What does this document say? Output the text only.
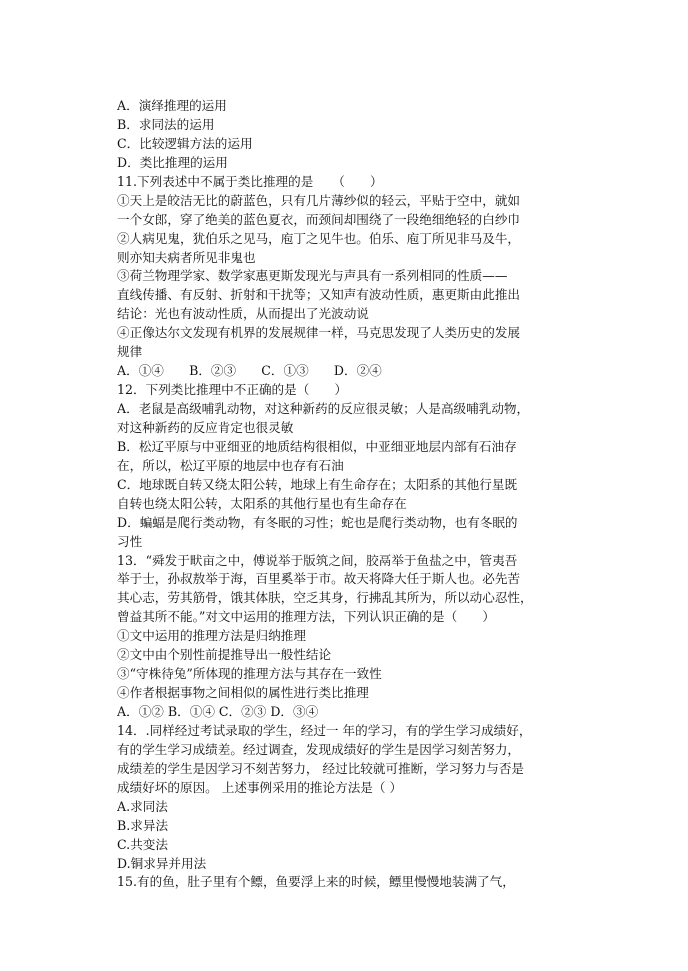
A．演绎推理的运用
B．求同法的运用
C．比较逻辑方法的运用
D．类比推理的运用
11.下列表述中不属于类比推理的是　　（　　）
①天上是皎洁无比的蔚蓝色，只有几片薄纱似的轻云，平贴于空中，就如
一个女郎，穿了绝美的蓝色夏衣，而颈间却围绕了一段绝细绝轻的白纱巾
②人病见鬼，犹伯乐之见马，庖丁之见牛也。伯乐、庖丁所见非马及牛，
则亦知夫病者所见非鬼也
③荷兰物理学家、数学家惠更斯发现光与声具有一系列相同的性质——
直线传播、有反射、折射和干扰等；又知声有波动性质，惠更斯由此推出
结论：光也有波动性质，从而提出了光波动说
④正像达尔文发现有机界的发展规律一样，马克思发现了人类历史的发展
规律
A．①④　　B．②③　　C．①③　　D．②④
12．下列类比推理中不正确的是（　　）
A．老鼠是高级哺乳动物，对这种新药的反应很灵敏；人是高级哺乳动物，
对这种新药的反应肯定也很灵敏
B．松辽平原与中亚细亚的地质结构很相似，中亚细亚地层内部有石油存
在，所以，松辽平原的地层中也存有石油
C．地球既自转又绕太阳公转，地球上有生命存在；太阳系的其他行星既
自转也绕太阳公转，太阳系的其他行星也有生命存在
D．蝙蝠是爬行类动物，有冬眠的习性；蛇也是爬行类动物，也有冬眠的
习性
13．“舜发于畎亩之中，傅说举于版筑之间，胶鬲举于鱼盐之中，管夷吾
举于士，孙叔敖举于海，百里奚举于市。故天将降大任于斯人也。必先苦
其心志，劳其筋骨，饿其体肤，空乏其身，行拂乱其所为，所以动心忍性，
曾益其所不能。”对文中运用的推理方法，下列认识正确的是（　　）
①文中运用的推理方法是归纳推理
②文中由个别性前提推导出一般性结论
③“守株待兔”所体现的推理方法与其存在一致性
④作者根据事物之间相似的属性进行类比推理
A．①② B．①④ C．②③ D．③④
14．.同样经过考试录取的学生，经过一 年的学习，有的学生学习成绩好，
有的学生学习成绩差。经过调查，发现成绩好的学生是因学习刻苦努力，
成绩差的学生是因学习不刻苦努力， 经过比较就可推断，学习努力与否是
成绩好坏的原因。 上述事例采用的推论方法是（ ）
A.求同法
B.求异法
C.共变法
D.铜求异并用法
15.有的鱼，肚子里有个鳔，鱼要浮上来的时候，鳔里慢慢地装满了气，
